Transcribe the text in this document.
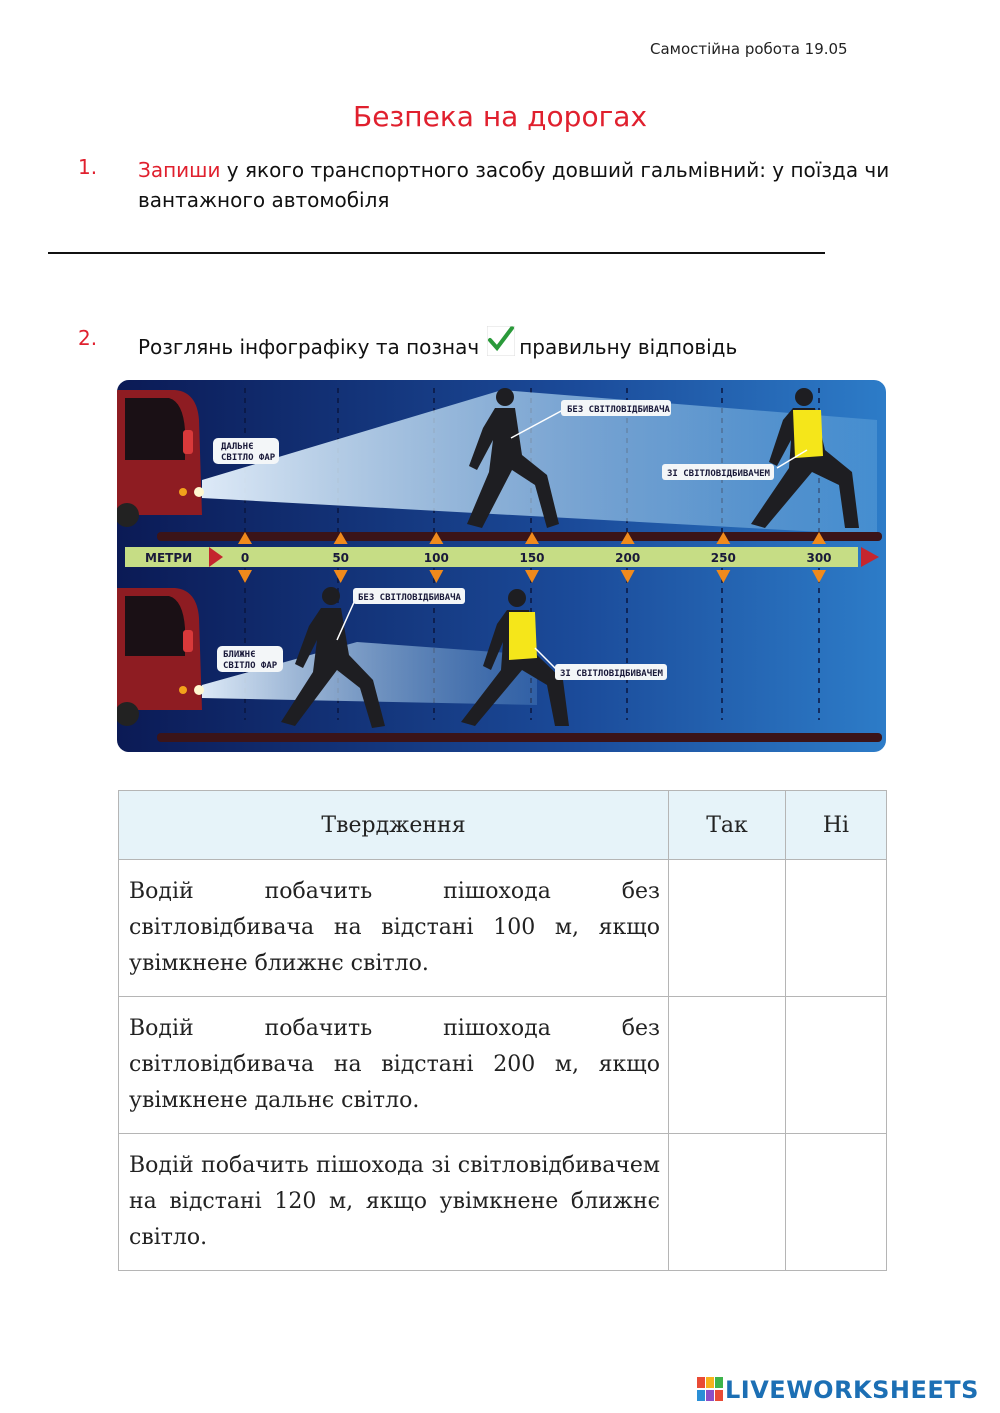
Самостійна робота 19.05
Безпека на дорогах
1. Запиши у якого транспортного засобу довший гальмівний: у поїзда чи вантажного автомобіля
2. Розглянь інфографіку та познач правильну відповідь
ДАЛЬНЄ
СВІТЛО ФАР
БЛИЖНЄ
СВІТЛО ФАР
БЕЗ СВІТЛОВІДБИВАЧА
ЗІ СВІТЛОВІДБИВАЧЕМ
БЕЗ СВІТЛОВІДБИВАЧА
ЗІ СВІТЛОВІДБИВАЧЕМ
МЕТРИ	0	50	100	150	200	250	300
Твердження	Так	Ні
Водій побачить пішохода без світловідбивача на відстані 100 м, якщо увімкнене ближнє світло.		
Водій побачить пішохода без світловідбивача на відстані 200 м, якщо увімкнене дальнє світло.		
Водій побачить пішохода зі світловідбивачем на відстані 120 м, якщо увімкнене ближнє світло.		
LIVEWORKSHEETS
